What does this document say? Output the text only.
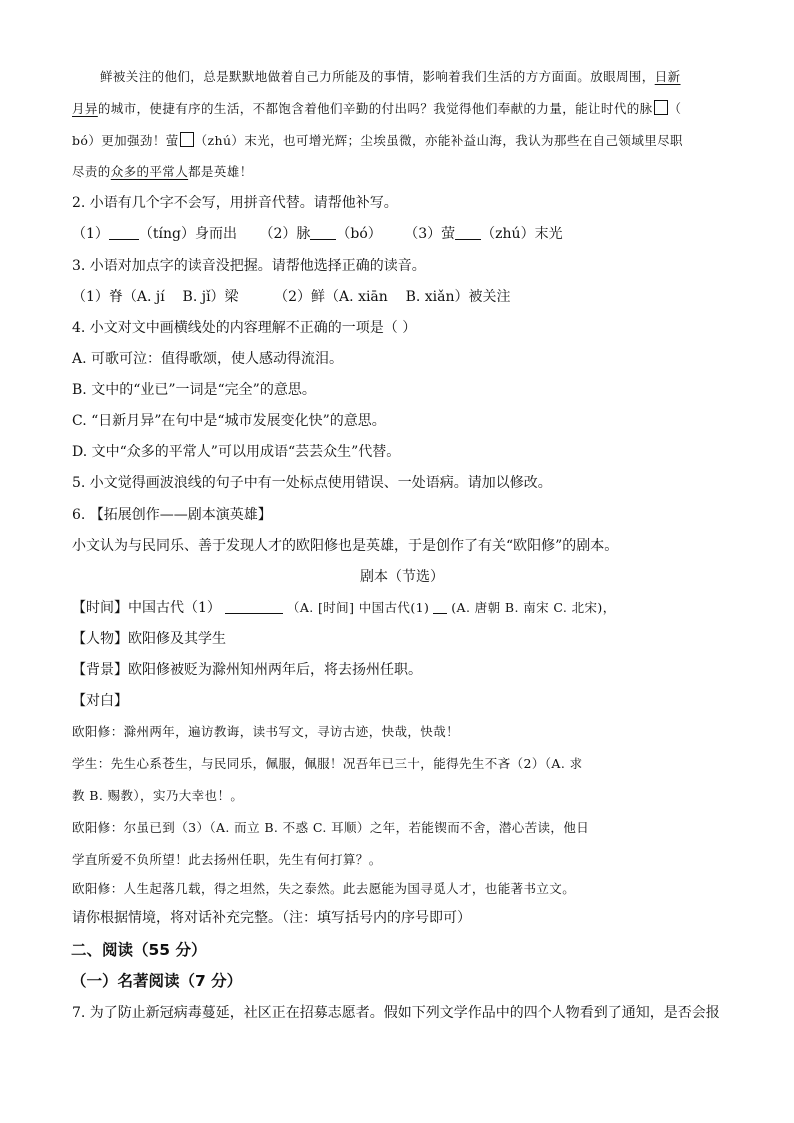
鲜被关注的他们，总是默默地做着自己力所能及的事情，影响着我们生活的方方面面。放眼周围，日新
月异的城市，使捷有序的生活，不都饱含着他们辛勤的付出吗？我觉得他们奉献的力量，能让时代的脉 （
bó）更加强劲！萤 （zhú）末光，也可增光辉；尘埃虽微，亦能补益山海，我认为那些在自己领域里尽职
尽责的众多的平常人都是英雄！
2. 小语有几个字不会写，用拼音代替。请帮他补写。
（1） （tíng）身而出 （2）脉 （bó） （3）萤 （zhú）末光
3. 小语对加点字的读音没把握。请帮他选择正确的读音。
（1）脊（A. jí    B. jǐ）梁        （2）鲜（A. xiān    B. xiǎn）被关注
4. 小文对文中画横线处的内容理解不正确的一项是（ ）
A. 可歌可泣：值得歌颂，使人感动得流泪。
B. 文中的“业已”一词是“完全”的意思。
C. “日新月异”在句中是“城市发展变化快”的意思。
D. 文中“众多的平常人”可以用成语“芸芸众生”代替。
5. 小文觉得画波浪线的句子中有一处标点使用错误、一处语病。请加以修改。
6. 【拓展创作——剧本演英雄】
小文认为与民同乐、善于发现人才的欧阳修也是英雄，于是创作了有关“欧阳修”的剧本。
剧本（节选）
【时间】中国古代（1）	（A. [时间] 中国古代(1) (A. 唐朝 B. 南宋 C. 北宋)，
【人物】欧阳修及其学生
【背景】欧阳修被贬为滁州知州两年后，将去扬州任职。
【对白】
欧阳修：滁州两年，遍访教诲，读书写文，寻访古迹，快哉，快哉！
学生：先生心系苍生，与民同乐，佩服，佩服！况吾年已三十，能得先生不吝（2）（A. 求
教 B. 赐教），实乃大幸也！。
欧阳修：尔虽已到（3）（A. 而立 B. 不惑 C. 耳顺）之年，若能锲而不舍，潜心苦读，他日
学直所爱不负所望！此去扬州任职，先生有何打算？。
欧阳修：人生起落几载，得之坦然，失之泰然。此去愿能为国寻觅人才，也能著书立文。
请你根据情境，将对话补充完整。（注：填写括号内的序号即可）
二、阅读（55 分）
（一）名著阅读（7 分）
7. 为了防止新冠病毒蔓延，社区正在招募志愿者。假如下列文学作品中的四个人物看到了通知，是否会报
